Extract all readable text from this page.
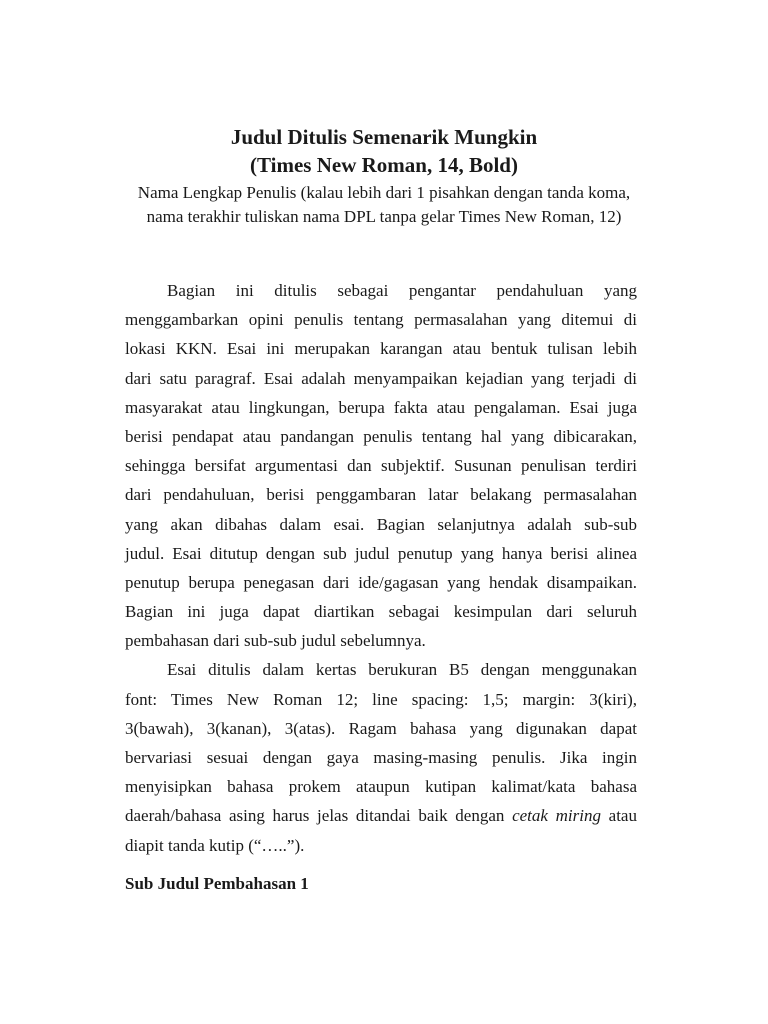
Judul Ditulis Semenarik Mungkin
(Times New Roman, 14, Bold)
Nama Lengkap Penulis (kalau lebih dari 1 pisahkan dengan tanda koma,
nama terakhir tuliskan nama DPL tanpa gelar Times New Roman, 12)
Bagian ini ditulis sebagai pengantar pendahuluan yang
menggambarkan opini penulis tentang permasalahan yang ditemui di
lokasi KKN. Esai ini merupakan karangan atau bentuk tulisan lebih
dari satu paragraf. Esai adalah menyampaikan kejadian yang terjadi di
masyarakat atau lingkungan, berupa fakta atau pengalaman. Esai juga
berisi pendapat atau pandangan penulis tentang hal yang dibicarakan,
sehingga bersifat argumentasi dan subjektif. Susunan penulisan terdiri
dari pendahuluan, berisi penggambaran latar belakang permasalahan
yang akan dibahas dalam esai. Bagian selanjutnya adalah sub-sub
judul. Esai ditutup dengan sub judul penutup yang hanya berisi alinea
penutup berupa penegasan dari ide/gagasan yang hendak disampaikan.
Bagian ini juga dapat diartikan sebagai kesimpulan dari seluruh
pembahasan dari sub-sub judul sebelumnya.
Esai ditulis dalam kertas berukuran B5 dengan menggunakan
font: Times New Roman 12; line spacing: 1,5; margin: 3(kiri),
3(bawah), 3(kanan), 3(atas). Ragam bahasa yang digunakan dapat
bervariasi sesuai dengan gaya masing-masing penulis. Jika ingin
menyisipkan bahasa prokem ataupun kutipan kalimat/kata bahasa
daerah/bahasa asing harus jelas ditandai baik dengan cetak miring atau
diapit tanda kutip (“…..”).
Sub Judul Pembahasan 1
